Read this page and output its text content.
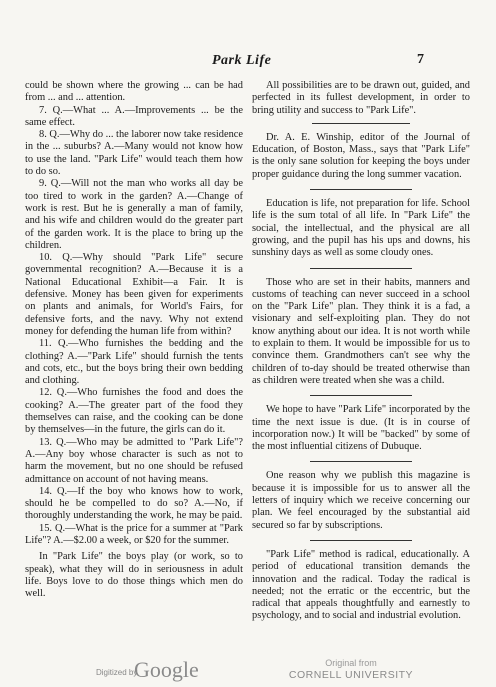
Park Life	7

could be shown where the growing ... can be had from ... and ... attention.

7. Q.—What ... A.—Improvements ... be the same effect.

8. Q.—Why do ... the laborer now take residence in the ... suburbs? A.—Many would not know how to use the land. "Park Life" would teach them how to do so.

9. Q.—Will not the man who works all day be too tired to work in the garden? A.—Change of work is rest. But he is generally a man of family, and his wife and children would do the greater part of the garden work. It is the place to bring up the children.

10. Q.—Why should "Park Life" secure governmental recognition? A.—Because it is a National Educational Exhibit—a Fair. It is defensive. Money has been given for experiments on plants and animals, for World's Fairs, for defensive forts, and the navy. Why not extend money for defending the human life from within?

11. Q.—Who furnishes the bedding and the clothing? A.—"Park Life" should furnish the tents and cots, etc., but the boys bring their own bedding and clothing.

12. Q.—Who furnishes the food and does the cooking? A.—The greater part of the food they themselves can raise, and the cooking can be done by themselves—in the future, the girls can do it.

13. Q.—Who may be admitted to "Park Life"? A.—Any boy whose character is such as not to harm the movement, but no one should be refused admittance on account of not having means.

14. Q.—If the boy who knows how to work, should he be compelled to do so? A.—No, if thoroughly understanding the work, he may be paid.

15. Q.—What is the price for a summer at "Park Life"? A.—$2.00 a week, or $20 for the summer.

In "Park Life" the boys play (or work, so to speak), what they will do in seriousness in adult life. Boys love to do those things which men do well.

All possibilities are to be drawn out, guided, and perfected in its fullest development, in order to bring utility and success to "Park Life".

Dr. A. E. Winship, editor of the Journal of Education, of Boston, Mass., says that "Park Life" is the only sane solution for keeping the boys under proper guidance during the long summer vacation.

Education is life, not preparation for life. School life is the sum total of all life. In "Park Life" the social, the intellectual, and the physical are all growing, and the pupil has his ups and downs, his sunshiny days as well as some cloudy ones.

Those who are set in their habits, manners and customs of teaching can never succeed in a school on the "Park Life" plan. They think it is a fad, a visionary and self-exploiting plan. They do not know anything about our idea. It is not worth while to explain to them. It would be impossible for us to convince them. Grandmothers can't see why the children of to-day should be treated otherwise than as children were treated when she was a child.

We hope to have "Park Life" incorporated by the time the next issue is due. (It is in course of incorporation now.) It will be "backed" by some of the most influential citizens of Dubuque.

One reason why we publish this magazine is because it is impossible for us to answer all the letters of inquiry which we receive concerning our plan. We feel encouraged by the substantial aid secured so far by subscriptions.

"Park Life" method is radical, educationally. A period of educational transition demands the innovation and the radical. Today the radical is needed; not the erratic or the eccentric, but the radical that appeals thoughtfully and earnestly to psychology, and to social and industrial evolution.

Digitized by
Google	Original from
CORNELL UNIVERSITY
